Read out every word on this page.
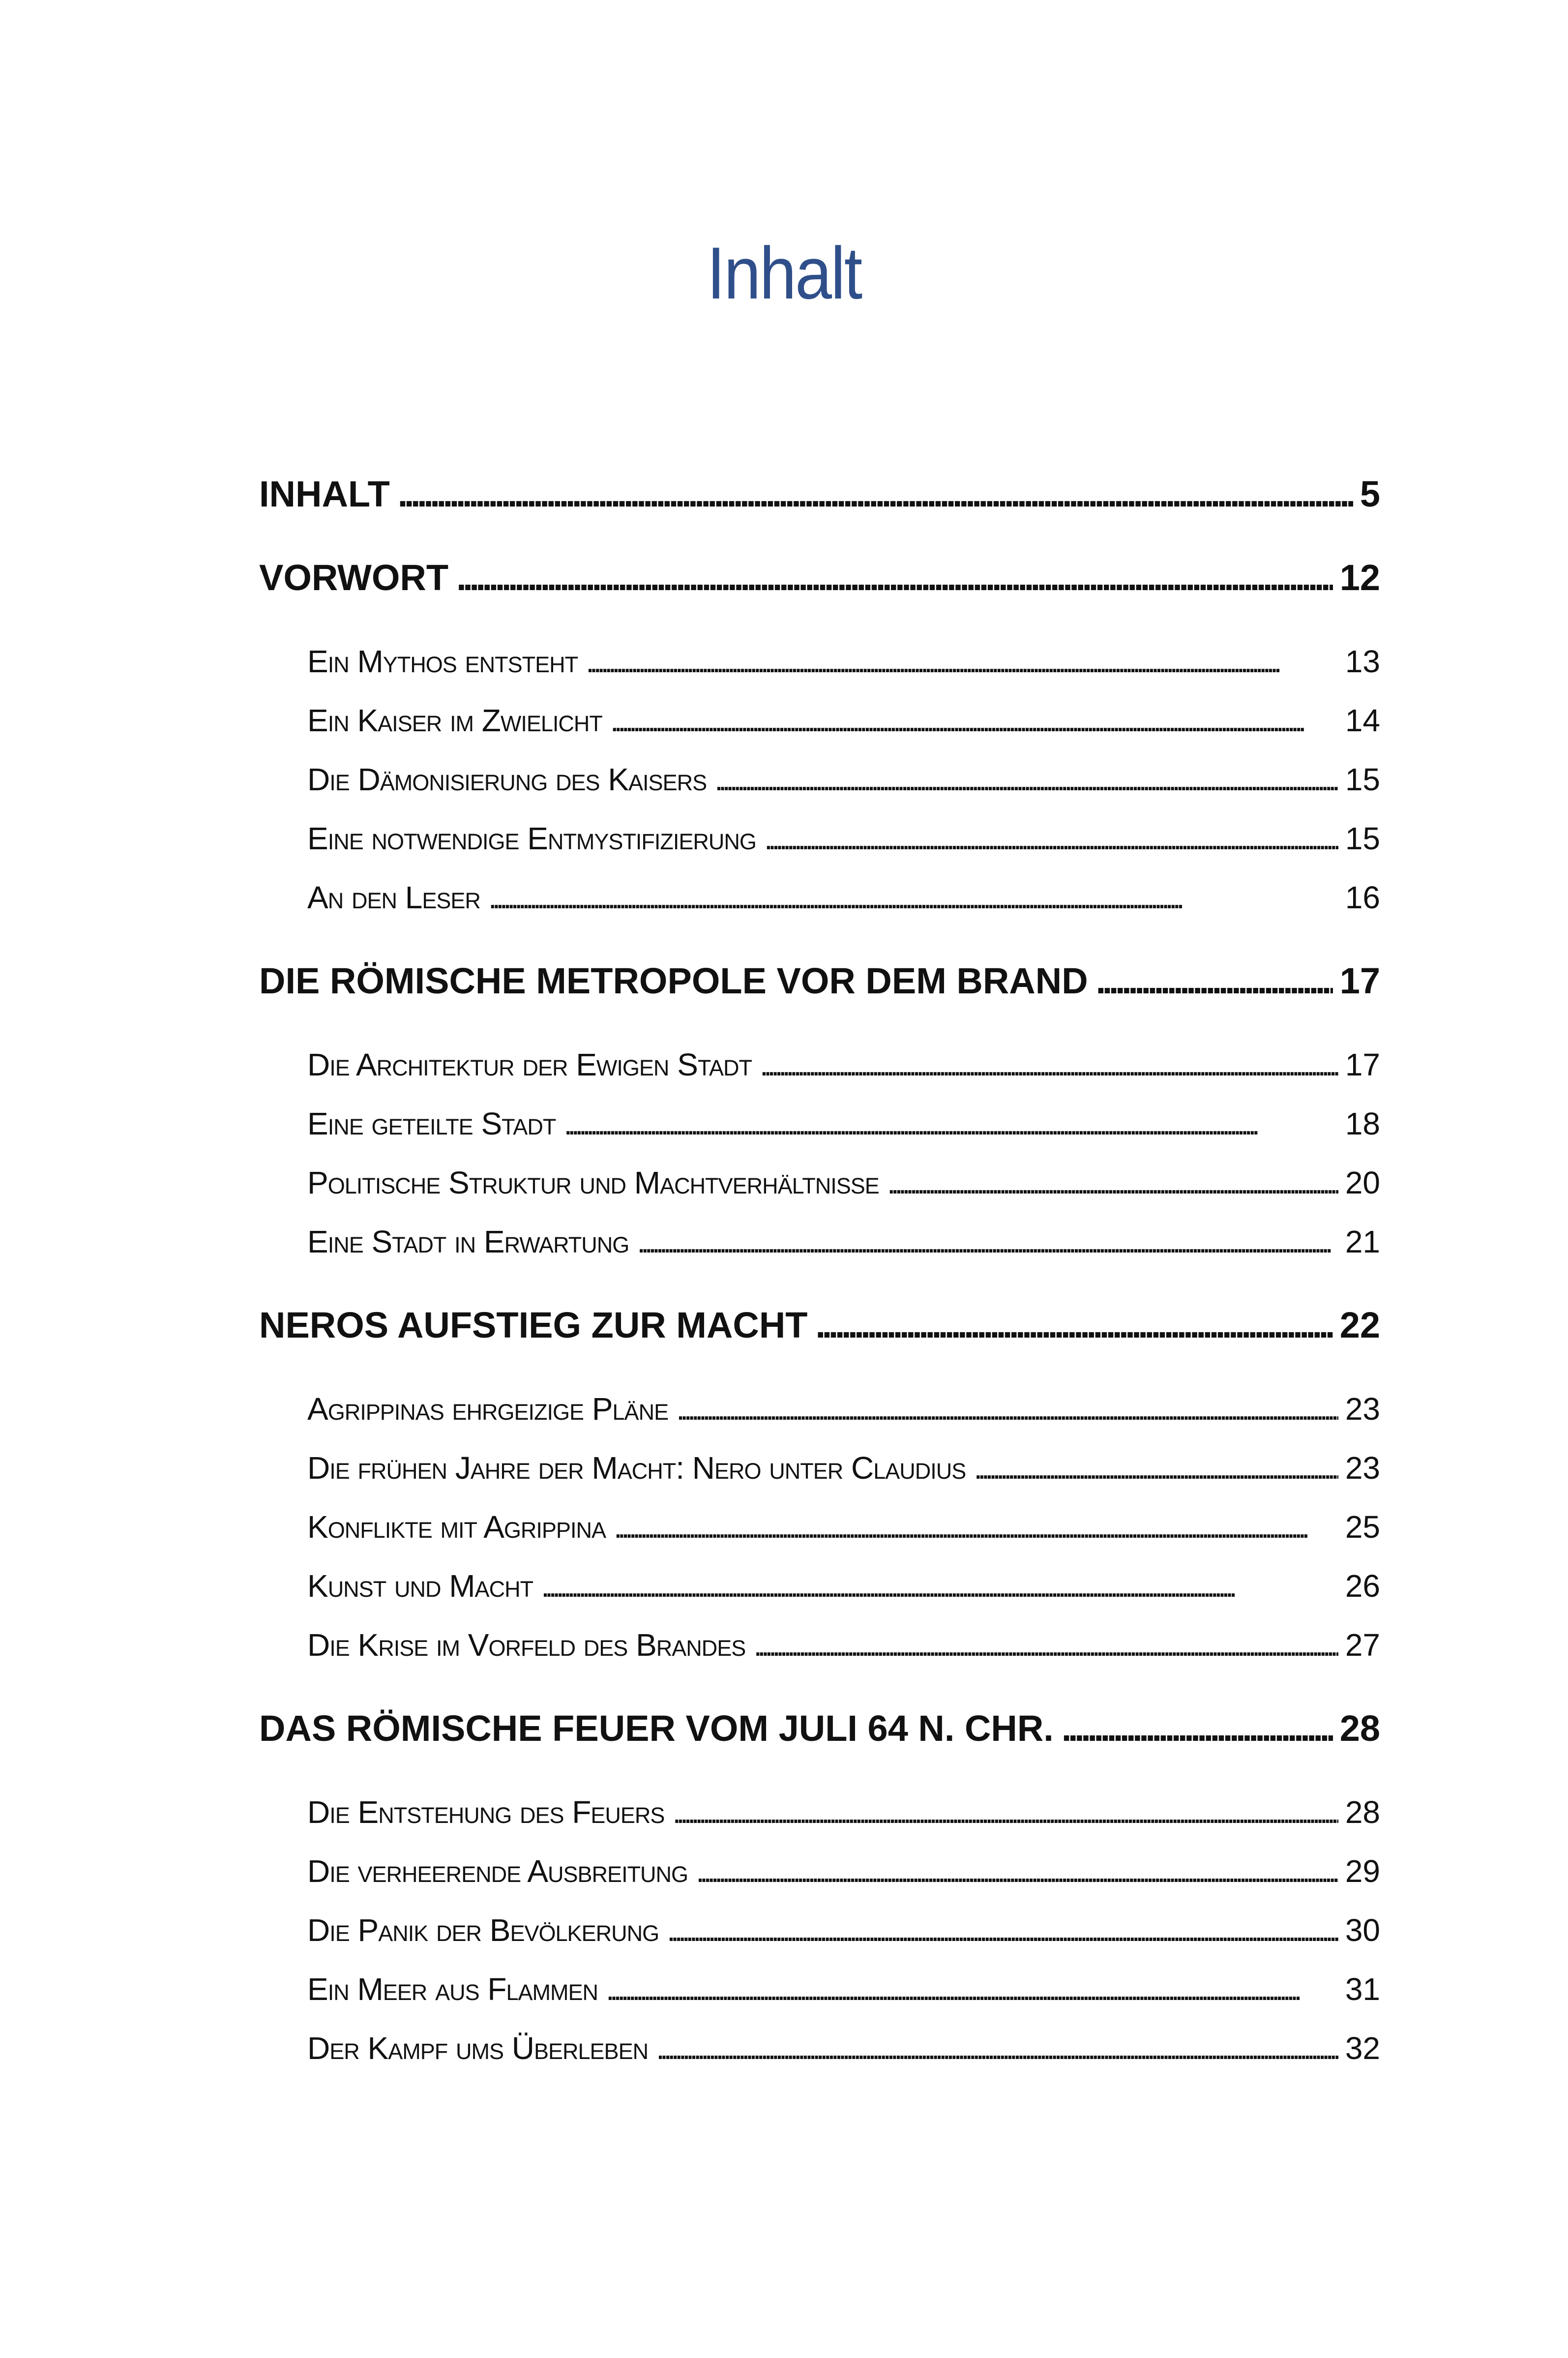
Inhalt
INHALT . . .	5
VORWORT . . .	12
Ein Mythos entsteht . . .	13
Ein Kaiser im Zwielicht . . .	14
Die Dämonisierung des Kaisers . . .	15
Eine notwendige Entmystifizierung . . .	15
An den Leser . . .	16
DIE RÖMISCHE METROPOLE VOR DEM BRAND . . .	17
Die Architektur der Ewigen Stadt . . .	17
Eine geteilte Stadt . . .	18
Politische Struktur und Machtverhältnisse . . .	20
Eine Stadt in Erwartung . . .	21
NEROS AUFSTIEG ZUR MACHT . . .	22
Agrippinas ehrgeizige Pläne . . .	23
Die frühen Jahre der Macht: Nero unter Claudius . . .	23
Konflikte mit Agrippina . . .	25
Kunst und Macht . . .	26
Die Krise im Vorfeld des Brandes . . .	27
DAS RÖMISCHE FEUER VOM JULI 64 N. CHR. . . .	28
Die Entstehung des Feuers . . .	28
Die verheerende Ausbreitung . . .	29
Die Panik der Bevölkerung . . .	30
Ein Meer aus Flammen . . .	31
Der Kampf ums Überleben . . .	32
